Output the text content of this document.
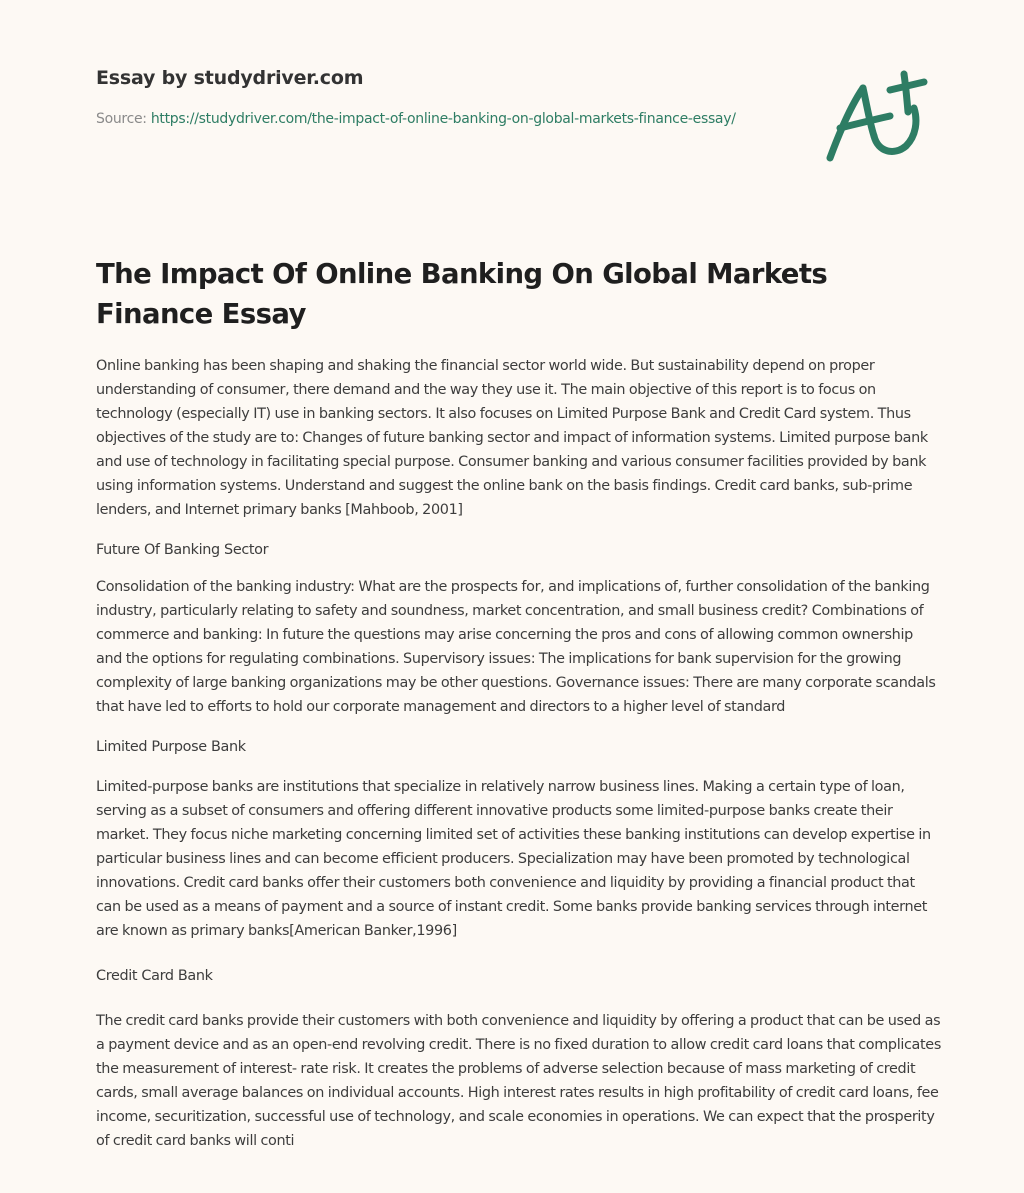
Essay by studydriver.com
Source: https://studydriver.com/the-impact-of-online-banking-on-global-markets-finance-essay/
The Impact Of Online Banking On Global Markets Finance Essay

Online banking has been shaping and shaking the financial sector world wide. But sustainability depend on proper understanding of consumer, there demand and the way they use it. The main objective of this report is to focus on technology (especially IT) use in banking sectors. It also focuses on Limited Purpose Bank and Credit Card system. Thus objectives of the study are to: Changes of future banking sector and impact of information systems. Limited purpose bank and use of technology in facilitating special purpose. Consumer banking and various consumer facilities provided by bank using information systems. Understand and suggest the online bank on the basis findings. Credit card banks, sub-prime lenders, and Internet primary banks [Mahboob, 2001]

Future Of Banking Sector

Consolidation of the banking industry: What are the prospects for, and implications of, further consolidation of the banking industry, particularly relating to safety and soundness, market concentration, and small business credit? Combinations of commerce and banking: In future the questions may arise concerning the pros and cons of allowing common ownership and the options for regulating combinations. Supervisory issues: The implications for bank supervision for the growing complexity of large banking organizations may be other questions. Governance issues: There are many corporate scandals that have led to efforts to hold our corporate management and directors to a higher level of standard

Limited Purpose Bank

Limited-purpose banks are institutions that specialize in relatively narrow business lines. Making a certain type of loan, serving as a subset of consumers and offering different innovative products some limited-purpose banks create their market. They focus niche marketing concerning limited set of activities these banking institutions can develop expertise in particular business lines and can become efficient producers. Specialization may have been promoted by technological innovations. Credit card banks offer their customers both convenience and liquidity by providing a financial product that can be used as a means of payment and a source of instant credit. Some banks provide banking services through internet are known as primary banks[American Banker,1996]

Credit Card Bank

The credit card banks provide their customers with both convenience and liquidity by offering a product that can be used as a payment device and as an open-end revolving credit. There is no fixed duration to allow credit card loans that complicates the measurement of interest- rate risk. It creates the problems of adverse selection because of mass marketing of credit cards, small average balances on individual accounts. High interest rates results in high profitability of credit card loans, fee income, securitization, successful use of technology, and scale economies in operations. We can expect that the prosperity of credit card banks will conti
